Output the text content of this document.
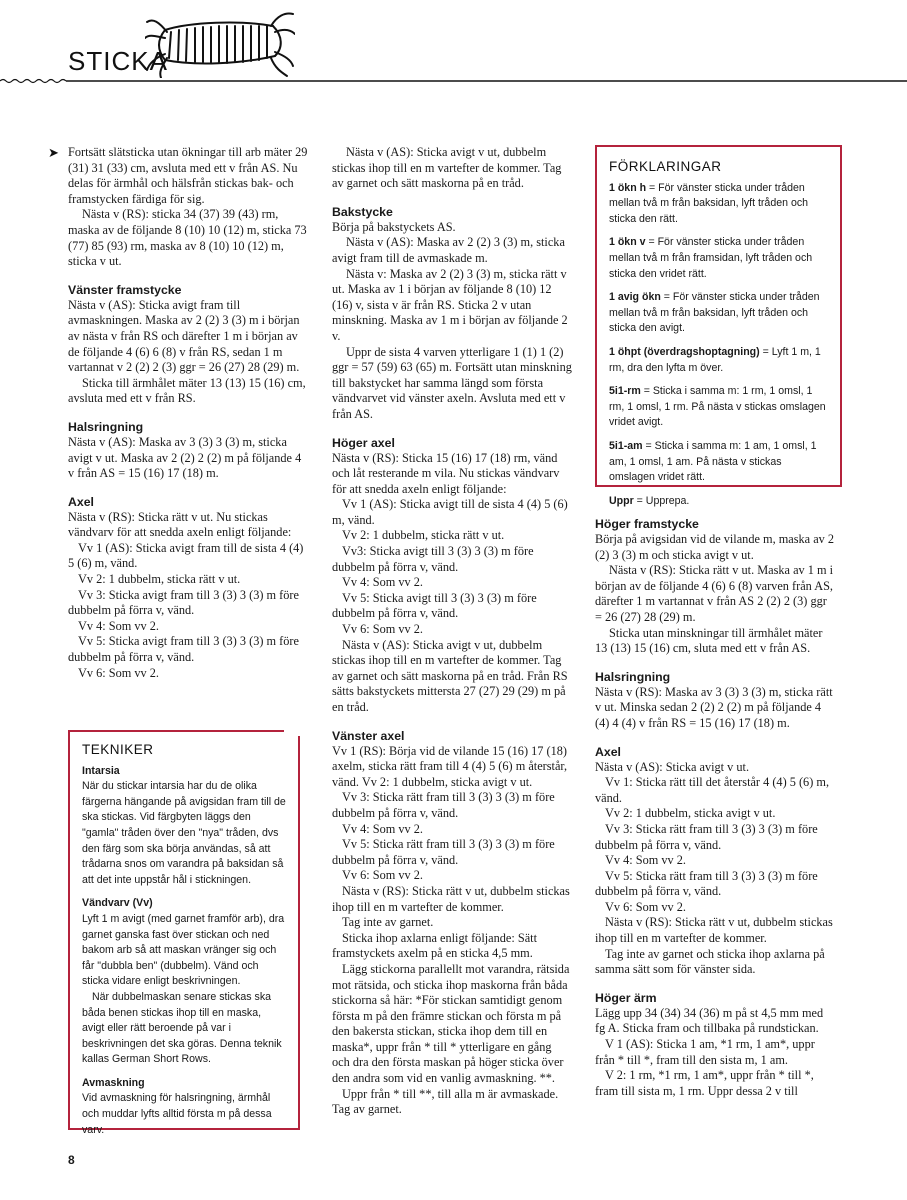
STICKA
➤ Fortsätt slätsticka utan ökningar till arb mäter 29 (31) 31 (33) cm, avsluta med ett v från AS. Nu delas för ärmhål och hälsfrån stickas bak- och framstycken färdiga för sig.

Nästa v (RS): sticka 34 (37) 39 (43) rm, maska av de följande 8 (10) 10 (12) m, sticka 73 (77) 85 (93) rm, maska av 8 (10) 10 (12) m, sticka v ut.

Vänster framstycke

Nästa v (AS): Sticka avigt fram till avmaskningen. Maska av 2 (2) 3 (3) m i början av nästa v från RS och därefter 1 m i början av de följande 4 (6) 6 (8) v från RS, sedan 1 m vartannat v 2 (2) 2 (3) ggr = 26 (27) 28 (29) m.

Sticka till ärmhålet mäter 13 (13) 15 (16) cm, avsluta med ett v från RS.

Halsringning

Nästa v (AS): Maska av 3 (3) 3 (3) m, sticka avigt v ut. Maska av 2 (2) 2 (2) m på följande 4 v från AS = 15 (16) 17 (18) m.

Axel

Nästa v (RS): Sticka rätt v ut. Nu stickas vändvarv för att snedda axeln enligt följande:

Vv 1 (AS): Sticka avigt fram till de sista 4 (4) 5 (6) m, vänd.

Vv 2: 1 dubbelm, sticka rätt v ut.

Vv 3: Sticka avigt fram till 3 (3) 3 (3) m före dubbelm på förra v, vänd.

Vv 4: Som vv 2.

Vv 5: Sticka avigt fram till 3 (3) 3 (3) m före dubbelm på förra v, vänd.

Vv 6: Som vv 2.

TEKNIKER

Intarsia

När du stickar intarsia har du de olika färgerna hängande på avigsidan fram till de ska stickas. Vid färgbyten läggs den "gamla" tråden över den "nya" tråden, dvs den färg som ska börja användas, så att trådarna snos om varandra på baksidan så att det inte uppstår hål i stickningen.

Vändvarv (Vv)

Lyft 1 m avigt (med garnet framför arb), dra garnet ganska fast över stickan och ned bakom arb så att maskan vränger sig och får "dubbla ben" (dubbelm). Vänd och sticka vidare enligt beskrivningen.

När dubbelmaskan senare stickas ska båda benen stickas ihop till en maska, avigt eller rätt beroende på var i beskrivningen det ska göras. Denna teknik kallas German Short Rows.

Avmaskning

Vid avmaskning för halsringning, ärmhål och muddar lyfts alltid första m på dessa varv.

Nästa v (AS): Sticka avigt v ut, dubbelm stickas ihop till en m vartefter de kommer. Tag av garnet och sätt maskorna på en tråd.

Bakstycke

Börja på bakstyckets AS.

Nästa v (AS): Maska av 2 (2) 3 (3) m, sticka avigt fram till de avmaskade m.

Nästa v: Maska av 2 (2) 3 (3) m, sticka rätt v ut. Maska av 1 i början av följande 8 (10) 12 (16) v, sista v är från RS. Sticka 2 v utan minskning. Maska av 1 m i början av följande 2 v.

Uppr de sista 4 varven ytterligare 1 (1) 1 (2) ggr = 57 (59) 63 (65) m. Fortsätt utan minskning till bakstycket har samma längd som första vändvarvet vid vänster axeln. Avsluta med ett v från AS.

Höger axel

Nästa v (RS): Sticka 15 (16) 17 (18) rm, vänd och låt resterande m vila. Nu stickas vändvarv för att snedda axeln enligt följande:

Vv 1 (AS): Sticka avigt till de sista 4 (4) 5 (6) m, vänd.

Vv 2: 1 dubbelm, sticka rätt v ut.

Vv3: Sticka avigt till 3 (3) 3 (3) m före dubbelm på förra v, vänd.

Vv 4: Som vv 2.

Vv 5: Sticka avigt till 3 (3) 3 (3) m före dubbelm på förra v, vänd.

Vv 6: Som vv 2.

Nästa v (AS): Sticka avigt v ut, dubbelm stickas ihop till en m vartefter de kommer. Tag av garnet och sätt maskorna på en tråd. Från RS sätts bakstyckets mittersta 27 (27) 29 (29) m på en tråd.

Vänster axel

Vv 1 (RS): Börja vid de vilande 15 (16) 17 (18) axelm, sticka rätt fram till 4 (4) 5 (6) m återstår, vänd. Vv 2: 1 dubbelm, sticka avigt v ut.

Vv 3: Sticka rätt fram till 3 (3) 3 (3) m före dubbelm på förra v, vänd.

Vv 4: Som vv 2.

Vv 5: Sticka rätt fram till 3 (3) 3 (3) m före dubbelm på förra v, vänd.

Vv 6: Som vv 2.

Nästa v (RS): Sticka rätt v ut, dubbelm stickas ihop till en m vartefter de kommer.

Tag inte av garnet.

Sticka ihop axlarna enligt följande: Sätt framstyckets axelm på en sticka 4,5 mm.

Lägg stickorna parallellt mot varandra, rätsida mot rätsida, och sticka ihop maskorna från båda stickorna så här: *För stickan samtidigt genom första m på den främre stickan och första m på den bakersta stickan, sticka ihop dem till en maska*, uppr från * till * ytterligare en gång och dra den första maskan på höger sticka över den andra som vid en vanlig avmaskning. **.

Uppr från * till **, till alla m är avmaskade. Tag av garnet.

FÖRKLARINGAR
1 ökn h = För vänster sticka under tråden mellan två m från baksidan, lyft tråden och sticka den rätt.
1 ökn v = För vänster sticka under tråden mellan två m från framsidan, lyft tråden och sticka den vridet rätt.
1 avig ökn = För vänster sticka under tråden mellan två m från baksidan, lyft tråden och sticka den avigt.
1 öhpt (överdragshoptagning) = Lyft 1 m, 1 rm, dra den lyfta m över.
5i1-rm = Sticka i samma m: 1 rm, 1 omsl, 1 rm, 1 omsl, 1 rm. På nästa v stickas omslagen vridet avigt.
5i1-am = Sticka i samma m: 1 am, 1 omsl, 1 am, 1 omsl, 1 am. På nästa v stickas omslagen vridet rätt.
Uppr = Upprepa.
Höger framstycke

Börja på avigsidan vid de vilande m, maska av 2 (2) 3 (3) m och sticka avigt v ut.

Nästa v (RS): Sticka rätt v ut. Maska av 1 m i början av de följande 4 (6) 6 (8) varven från AS, därefter 1 m vartannat v från AS 2 (2) 2 (3) ggr = 26 (27) 28 (29) m.

Sticka utan minskningar till ärmhålet mäter 13 (13) 15 (16) cm, sluta med ett v från AS.

Halsringning

Nästa v (RS): Maska av 3 (3) 3 (3) m, sticka rätt v ut. Minska sedan 2 (2) 2 (2) m på följande 4 (4) 4 (4) v från RS = 15 (16) 17 (18) m.

Axel

Nästa v (AS): Sticka avigt v ut.

Vv 1: Sticka rätt till det återstår 4 (4) 5 (6) m, vänd.

Vv 2: 1 dubbelm, sticka avigt v ut.

Vv 3: Sticka rätt fram till 3 (3) 3 (3) m före dubbelm på förra v, vänd.

Vv 4: Som vv 2.

Vv 5: Sticka rätt fram till 3 (3) 3 (3) m före dubbelm på förra v, vänd.

Vv 6: Som vv 2.

Nästa v (RS): Sticka rätt v ut, dubbelm stickas ihop till en m vartefter de kommer.

Tag inte av garnet och sticka ihop axlarna på samma sätt som för vänster sida.

Höger ärm

Lägg upp 34 (34) 34 (36) m på st 4,5 mm med fg A. Sticka fram och tillbaka på rundstickan.

V 1 (AS): Sticka 1 am, *1 rm, 1 am*, uppr från * till *, fram till den sista m, 1 am.

V 2: 1 rm, *1 rm, 1 am*, uppr från * till *, fram till sista m, 1 rm. Uppr dessa 2 v till

8
